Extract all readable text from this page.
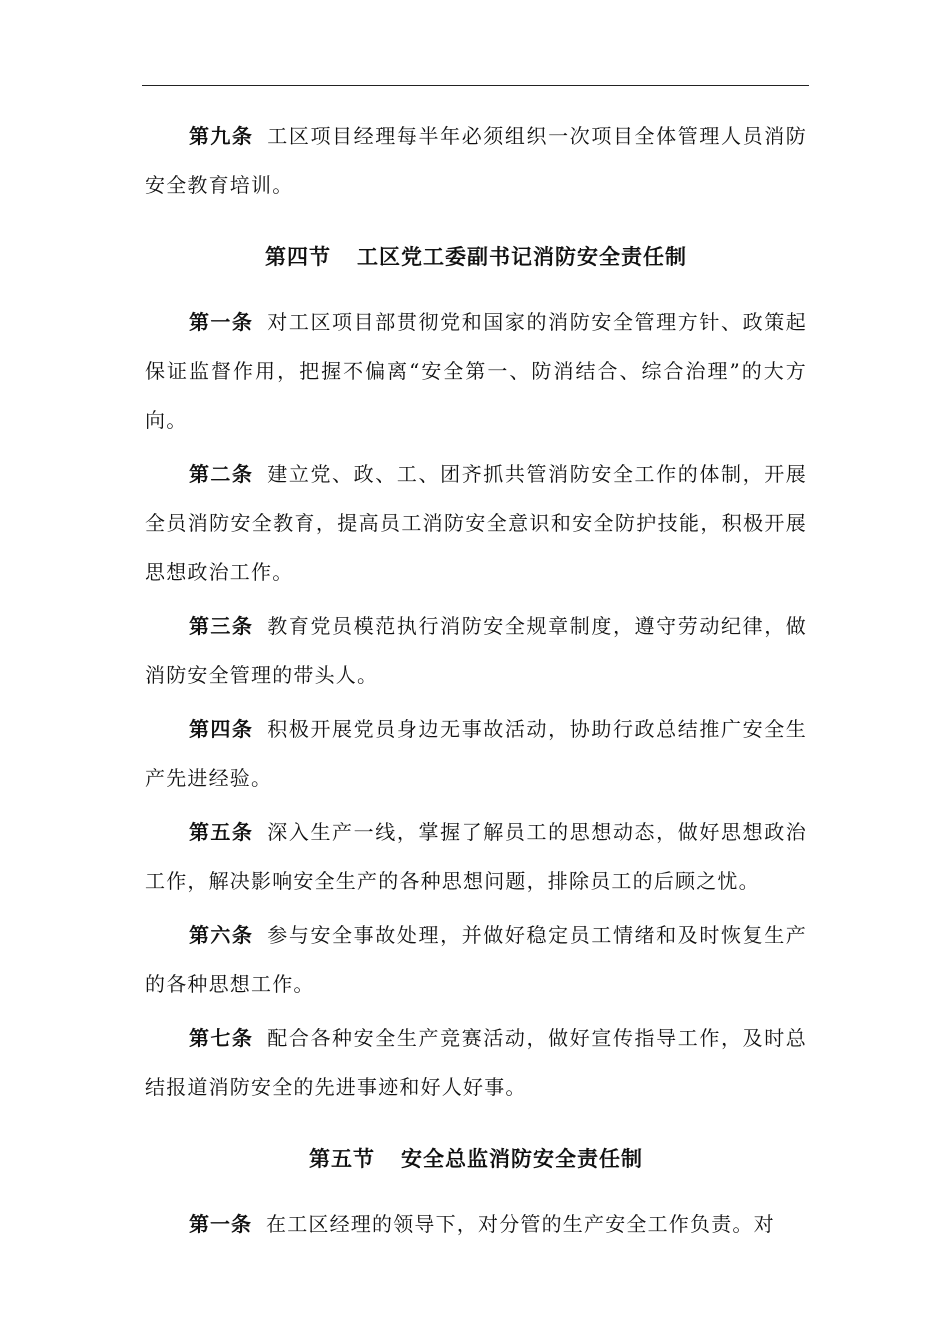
第九条 工区项目经理每半年必须组织一次项目全体管理人员消防安全教育培训。

第四节 工区党工委副书记消防安全责任制

第一条 对工区项目部贯彻党和国家的消防安全管理方针、政策起保证监督作用，把握不偏离“安全第一、防消结合、综合治理”的大方向。

第二条 建立党、政、工、团齐抓共管消防安全工作的体制，开展全员消防安全教育，提高员工消防安全意识和安全防护技能，积极开展思想政治工作。

第三条 教育党员模范执行消防安全规章制度，遵守劳动纪律，做消防安全管理的带头人。

第四条 积极开展党员身边无事故活动，协助行政总结推广安全生产先进经验。

第五条 深入生产一线，掌握了解员工的思想动态，做好思想政治工作，解决影响安全生产的各种思想问题，排除员工的后顾之忧。

第六条 参与安全事故处理，并做好稳定员工情绪和及时恢复生产的各种思想工作。

第七条 配合各种安全生产竞赛活动，做好宣传指导工作，及时总结报道消防安全的先进事迹和好人好事。

第五节 安全总监消防安全责任制

第一条 在工区经理的领导下，对分管的生产安全工作负责。对
